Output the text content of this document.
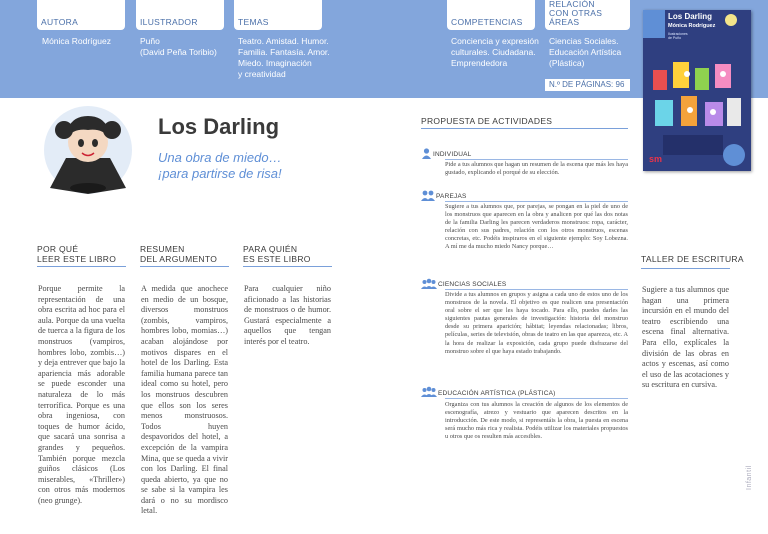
AUTORA	ILUSTRADOR	TEMAS	COMPETENCIAS
RELACIÓN
CON OTRAS ÁREAS
Mónica Rodríguez	Puño
(David Peña Toribio)
Teatro. Amistad. Humor.
Familia. Fantasía. Amor.
Miedo. Imaginación
y creatividad
Conciencia y expresión
culturales. Ciudadana.
Emprendedora
Ciencias Sociales.
Educación Artística
(Plástica)
N.º DE PÁGINAS: 96
Los Darling
Mónica Rodríguez
Ilustraciones
de Puño
sm
Los Darling
Una obra de miedo…
¡para partirse de risa!
POR QUÉ
LEER ESTE LIBRO
Porque permite la representación de una obra escrita ad hoc para el aula. Porque da una vuelta de tuerca a la figura de los monstruos (vampiros, hombres lobo, zombis…) y deja entrever que bajo la apariencia más adorable se puede esconder una naturaleza de lo más terrorífica. Porque es una obra ingeniosa, con toques de humor ácido, que sacará una sonrisa a grandes y pequeños. También porque mezcla guiños clásicos (Los miserables, «Thriller») con otros más modernos (neo grunge).
RESUMEN
DEL ARGUMENTO
A medida que anochece en medio de un bosque, diversos monstruos (zombis, vampiros, hombres lobo, momias…) acaban alojándose por motivos dispares en el hotel de los Darling. Esta familia humana parece tan ideal como su hotel, pero los monstruos descubren que ellos son los seres menos monstruosos. Todos huyen despavoridos del hotel, a excepción de la vampira Mina, que se queda a vivir con los Darling. El final queda abierto, ya que no se sabe si la vampira les dará o no su mordisco letal.
PARA QUIÉN
ES ESTE LIBRO
Para cualquier niño aficionado a las historias de monstruos o de humor. Gustará especialmente a aquellos que tengan interés por el teatro.
PROPUESTA DE ACTIVIDADES
INDIVIDUAL
Pide a tus alumnos que hagan un resumen de la escena que más les haya gustado, explicando el porqué de su elección.
PAREJAS
Sugiere a tus alumnos que, por parejas, se pongan en la piel de uno de los monstruos que aparecen en la obra y analicen por qué las dos notas de la familia Darling les parecen verdaderos monstruos: ropa, carácter, relación con sus padres, relación con los otros monstruos, escenas concretas, etc. Podéis inspiraros en el siguiente ejemplo: Soy Lobezna. A mí me da mucho miedo Nancy porque…
CIENCIAS SOCIALES
Divide a tus alumnos en grupos y asigna a cada uno de estos uno de los monstruos de la novela. El objetivo es que realicen una presentación oral sobre el ser que les haya tocado. Para ello, puedes darles las siguientes pautas generales de investigación: historia del monstruo desde su primera aparición; hábitat; leyendas relacionadas; libros, películas, series de televisión, obras de teatro en las que aparezca, etc. A la hora de realizar la exposición, cada grupo puede disfrazarse del monstruo sobre el que haya estado trabajando.
EDUCACIÓN ARTÍSTICA (PLÁSTICA)
Organiza con tus alumnos la creación de algunos de los elementos de escenografía, atrezo y vestuario que aparecen descritos en la introducción. De este modo, si representáis la obra, la puesta en escena será mucho más rica y realista. Podéis utilizar los materiales propuestos u otros que os resulten más accesibles.
TALLER DE ESCRITURA
Sugiere a tus alumnos que hagan una primera incursión en el mundo del teatro escribiendo una escena final alternativa. Para ello, explícales la división de las obras en actos y escenas, así como el uso de las acotaciones y su escritura en cursiva.
Infantil
